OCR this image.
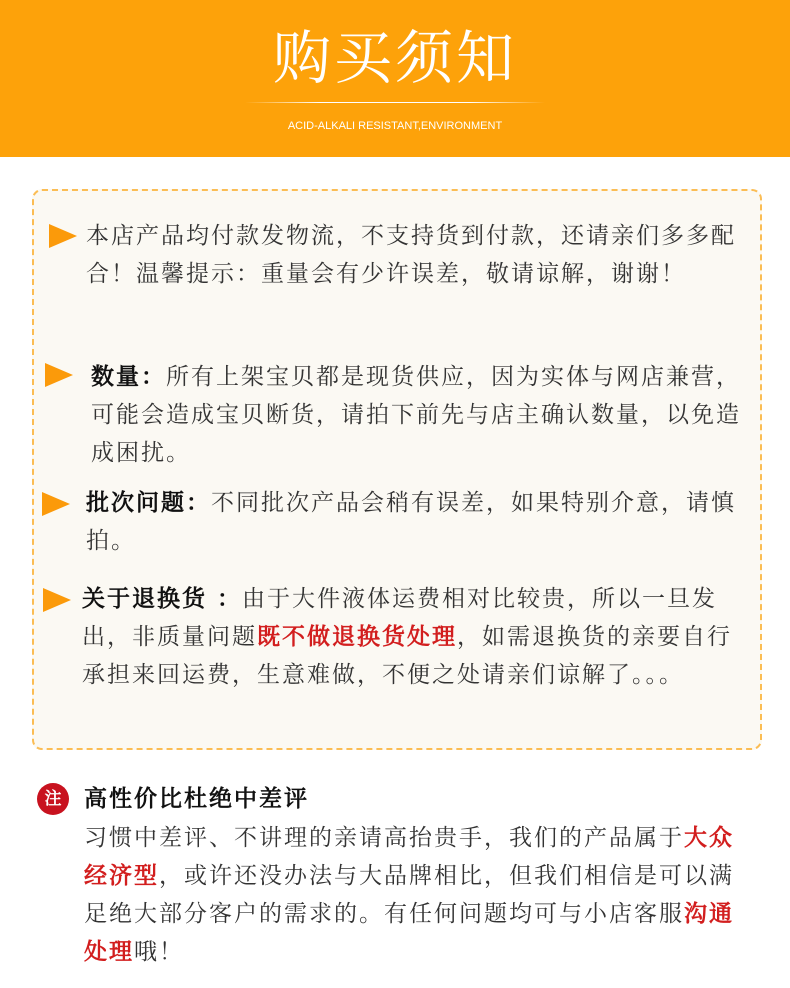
购买须知
ACID-ALKALI RESISTANT,ENVIRONMENT

本店产品均付款发物流，不支持货到付款，还请亲们多多配合！温馨提示：重量会有少许误差，敬请谅解，谢谢！

数量：所有上架宝贝都是现货供应，因为实体与网店兼营，可能会造成宝贝断货，请拍下前先与店主确认数量，以免造成困扰。

批次问题：不同批次产品会稍有误差，如果特别介意，请慎拍。

关于退换货 ：由于大件液体运费相对比较贵，所以一旦发出，非质量问题既不做退换货处理，如需退换货的亲要自行承担来回运费，生意难做，不便之处请亲们谅解了。。。

注 高性价比杜绝中差评

习惯中差评、不讲理的亲请高抬贵手，我们的产品属于大众经济型，或许还没办法与大品牌相比，但我们相信是可以满足绝大部分客户的需求的。有任何问题均可与小店客服沟通处理哦！
